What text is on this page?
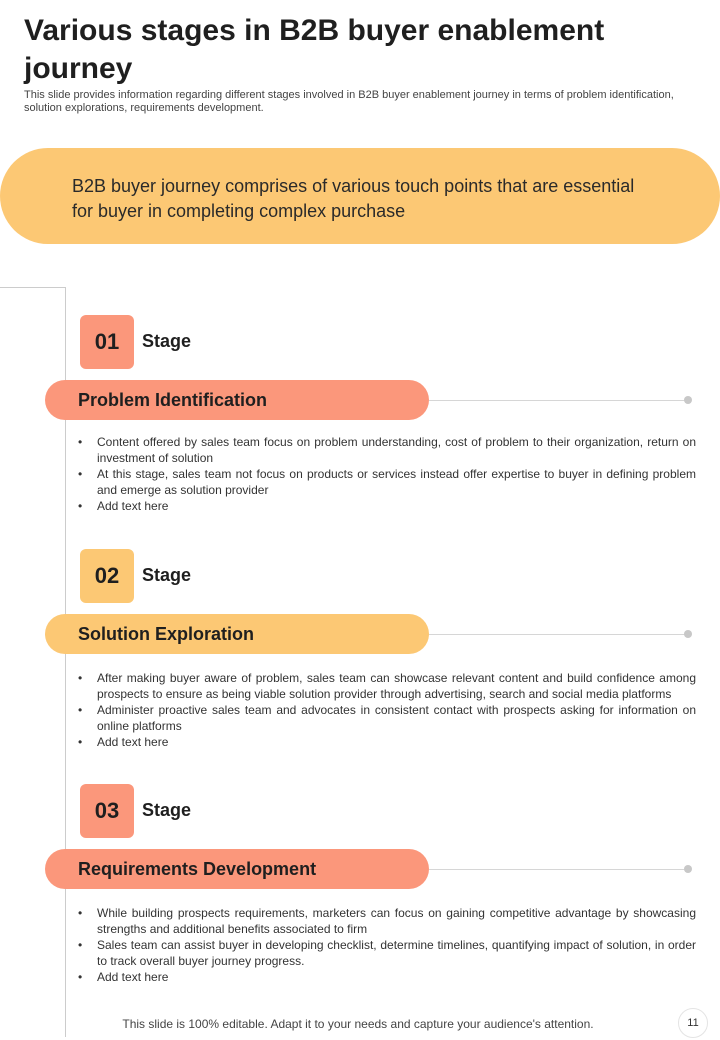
Various stages in B2B buyer enablement journey
This slide provides information regarding different stages involved in B2B buyer enablement journey in terms of problem identification, solution explorations, requirements development.
B2B buyer journey comprises of various touch points that are essential for buyer in completing complex purchase
01	Stage
Problem Identification
• Content offered by sales team focus on problem understanding, cost of problem to their organization, return on investment of solution
• At this stage, sales team not focus on products or services instead offer expertise to buyer in defining problem and emerge as solution provider
• Add text here
02	Stage
Solution Exploration
• After making buyer aware of problem, sales team can showcase relevant content and build confidence among prospects to ensure as being viable solution provider through advertising, search and social media platforms
• Administer proactive sales team and advocates in consistent contact with prospects asking for information on online platforms
• Add text here
03	Stage
Requirements Development
• While building prospects requirements, marketers can focus on gaining competitive advantage by showcasing strengths and additional benefits associated to firm
• Sales team can assist buyer in developing checklist, determine timelines, quantifying impact of solution, in order to track overall buyer journey progress.
• Add text here
This slide is 100% editable. Adapt it to your needs and capture your audience's attention.	11
